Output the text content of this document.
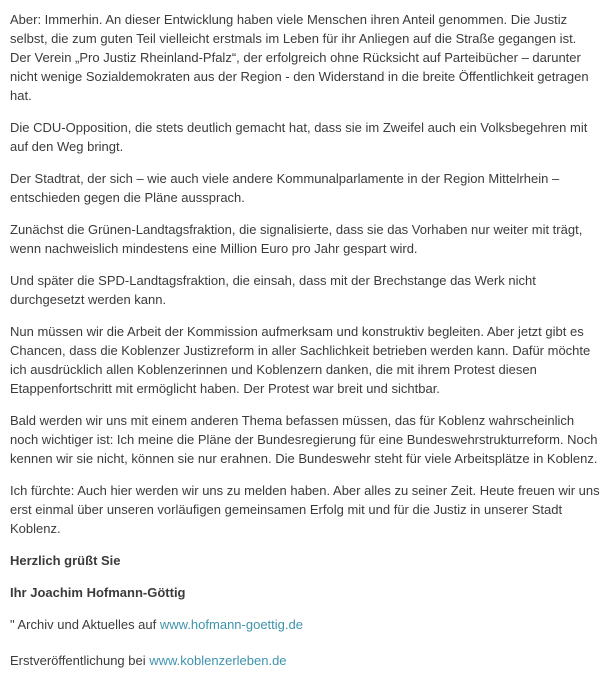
Aber: Immerhin. An dieser Entwicklung haben viele Menschen ihren Anteil genommen. Die Justiz selbst, die zum guten Teil vielleicht erstmals im Leben für ihr Anliegen auf die Straße gegangen ist. Der Verein „Pro Justiz Rheinland-Pfalz“, der erfolgreich ohne Rücksicht auf Parteibücher – darunter nicht wenige Sozialdemokraten aus der Region - den Widerstand in die breite Öffentlichkeit getragen hat.

Die CDU-Opposition, die stets deutlich gemacht hat, dass sie im Zweifel auch ein Volksbegehren mit auf den Weg bringt.

Der Stadtrat, der sich – wie auch viele andere Kommunalparlamente in der Region Mittelrhein – entschieden gegen die Pläne aussprach.

Zunächst die Grünen-Landtagsfraktion, die signalisierte, dass sie das Vorhaben nur weiter mit trägt, wenn nachweislich mindestens eine Million Euro pro Jahr gespart wird.

Und später die SPD-Landtagsfraktion, die einsah, dass mit der Brechstange das Werk nicht durchgesetzt werden kann.

Nun müssen wir die Arbeit der Kommission aufmerksam und konstruktiv begleiten. Aber jetzt gibt es Chancen, dass die Koblenzer Justizreform in aller Sachlichkeit betrieben werden kann. Dafür möchte ich ausdrücklich allen Koblenzerinnen und Koblenzern danken, die mit ihrem Protest diesen Etappenfortschritt mit ermöglicht haben. Der Protest war breit und sichtbar.

Bald werden wir uns mit einem anderen Thema befassen müssen, das für Koblenz wahrscheinlich noch wichtiger ist: Ich meine die Pläne der Bundesregierung für eine Bundeswehrstrukturreform. Noch kennen wir sie nicht, können sie nur erahnen. Die Bundeswehr steht für viele Arbeitsplätze in Koblenz.

Ich fürchte: Auch hier werden wir uns zu melden haben. Aber alles zu seiner Zeit. Heute freuen wir uns erst einmal über unseren vorläufigen gemeinsamen Erfolg mit und für die Justiz in unserer Stadt Koblenz.

Herzlich grüßt Sie

Ihr Joachim Hofmann-Göttig

" Archiv und Aktuelles auf www.hofmann-goettig.de

Erstveröffentlichung bei www.koblenzerleben.de
